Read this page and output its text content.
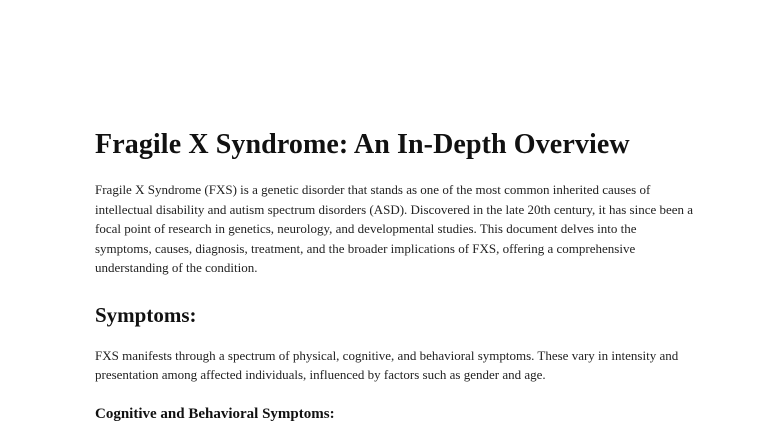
Fragile X Syndrome: An In-Depth Overview

Fragile X Syndrome (FXS) is a genetic disorder that stands as one of the most common inherited causes of intellectual disability and autism spectrum disorders (ASD). Discovered in the late 20th century, it has since been a focal point of research in genetics, neurology, and developmental studies. This document delves into the symptoms, causes, diagnosis, treatment, and the broader implications of FXS, offering a comprehensive understanding of the condition.

Symptoms:

FXS manifests through a spectrum of physical, cognitive, and behavioral symptoms. These vary in intensity and presentation among affected individuals, influenced by factors such as gender and age.

Cognitive and Behavioral Symptoms:
